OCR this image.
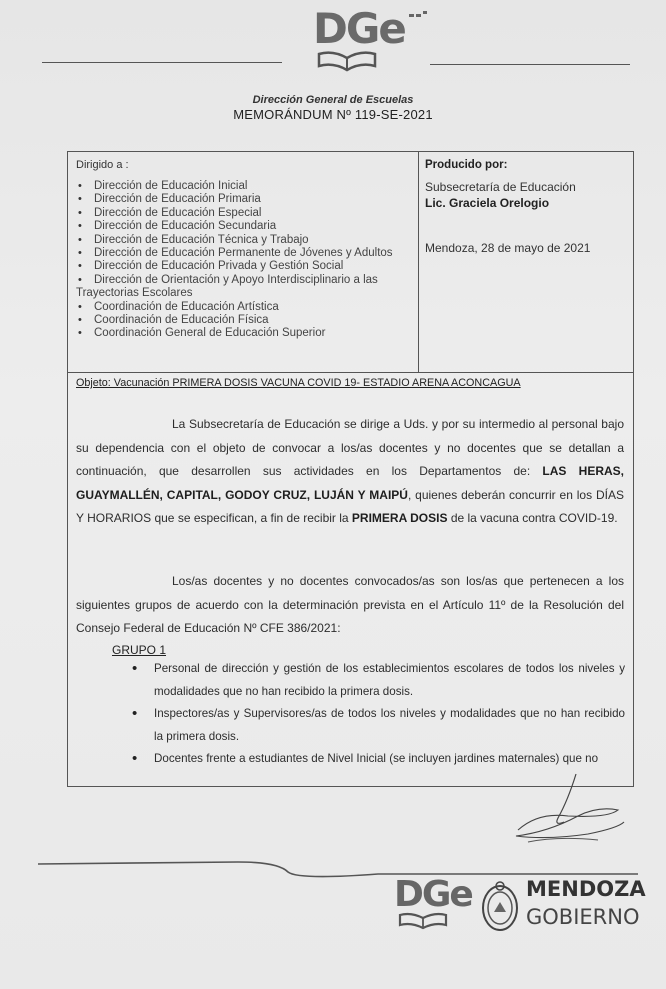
DGe
Dirección General de Escuelas
MEMORÁNDUM Nº 119-SE-2021
Dirigido a :
• Dirección de Educación Inicial
• Dirección de Educación Primaria
• Dirección de Educación Especial
• Dirección de Educación Secundaria
• Dirección de Educación Técnica y Trabajo
• Dirección de Educación Permanente de Jóvenes y Adultos
• Dirección de Educación Privada y Gestión Social
• Dirección de Orientación y Apoyo Interdisciplinario a las
Trayectorias Escolares
• Coordinación de Educación Artística
• Coordinación de Educación Física
• Coordinación General de Educación Superior
Producido por:
Subsecretaría de Educación
Lic. Graciela Orelogio
Mendoza, 28 de mayo de 2021
Objeto: Vacunación PRIMERA DOSIS VACUNA COVID 19- ESTADIO ARENA ACONCAGUA
La Subsecretaría de Educación se dirige a Uds. y por su intermedio al personal bajo su dependencia con el objeto de convocar a los/as docentes y no docentes que se detallan a continuación, que desarrollen sus actividades en los Departamentos de: LAS HERAS, GUAYMALLÉN, CAPITAL, GODOY CRUZ, LUJÁN Y MAIPÚ, quienes deberán concurrir en los DÍAS Y HORARIOS que se especifican, a fin de recibir la PRIMERA DOSIS de la vacuna contra COVID-19.
Los/as docentes y no docentes convocados/as son los/as que pertenecen a los siguientes grupos de acuerdo con la determinación prevista en el Artículo 11º de la Resolución del Consejo Federal de Educación Nº CFE 386/2021:
GRUPO 1
• Personal de dirección y gestión de los establecimientos escolares de todos los niveles y modalidades que no han recibido la primera dosis.
• Inspectores/as y Supervisores/as de todos los niveles y modalidades que no han recibido la primera dosis.
• Docentes frente a estudiantes de Nivel Inicial (se incluyen jardines maternales) que no
DGe	MENDOZA
GOBIERNO
